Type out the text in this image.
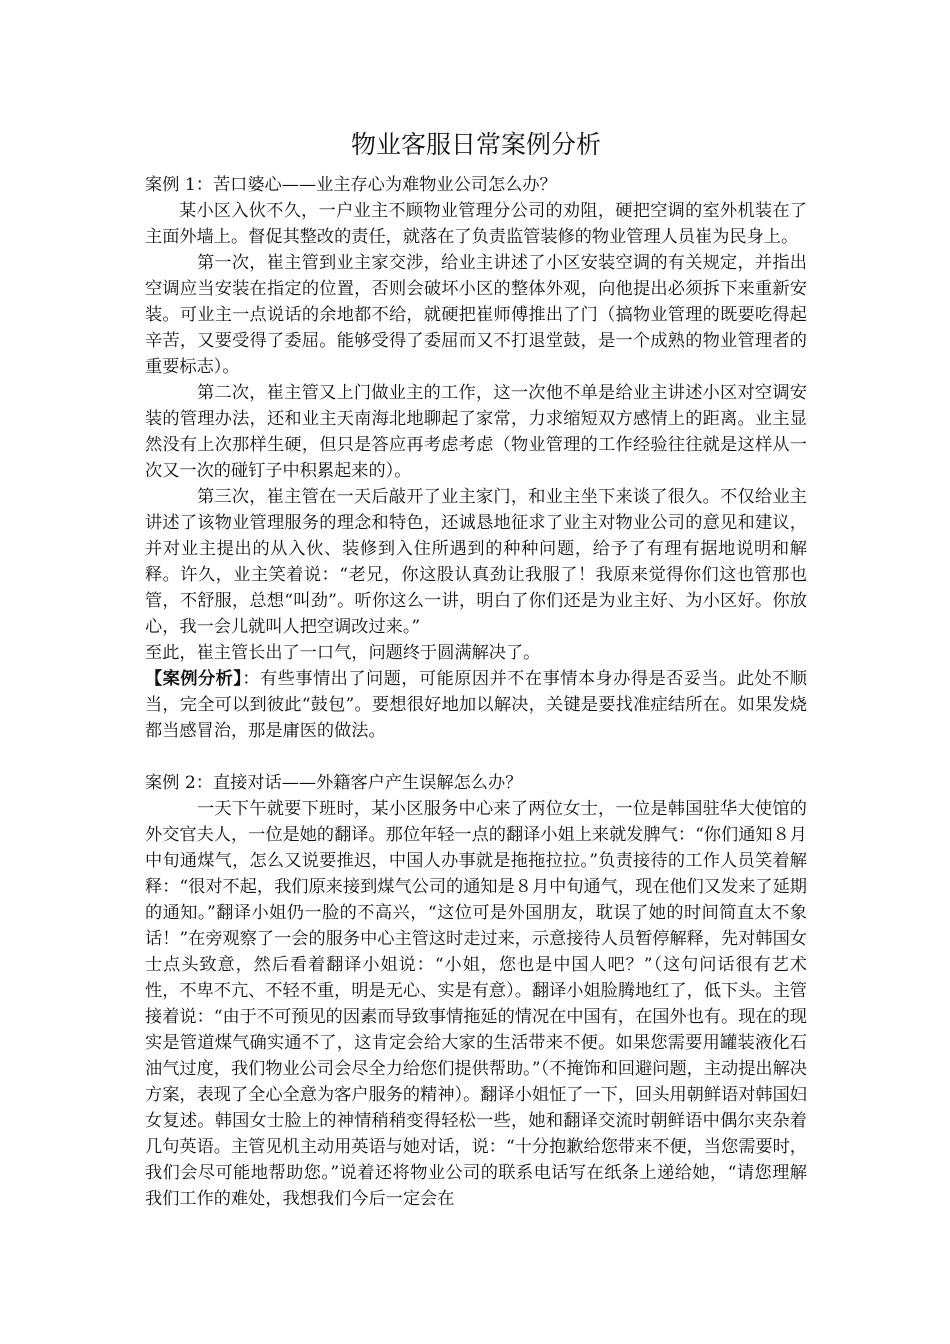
物业客服日常案例分析

案例 1：苦口婆心——业主存心为难物业公司怎么办？

某小区入伙不久，一户业主不顾物业管理分公司的劝阻，硬把空调的室外机装在了主面外墙上。督促其整改的责任，就落在了负责监管装修的物业管理人员崔为民身上。

第一次，崔主管到业主家交涉，给业主讲述了小区安装空调的有关规定，并指出空调应当安装在指定的位置，否则会破坏小区的整体外观，向他提出必须拆下来重新安装。可业主一点说话的余地都不给，就硬把崔师傅推出了门（搞物业管理的既要吃得起辛苦，又要受得了委屈。能够受得了委屈而又不打退堂鼓，是一个成熟的物业管理者的重要标志）。

第二次，崔主管又上门做业主的工作，这一次他不单是给业主讲述小区对空调安装的管理办法，还和业主天南海北地聊起了家常，力求缩短双方感情上的距离。业主显然没有上次那样生硬，但只是答应再考虑考虑（物业管理的工作经验往往就是这样从一次又一次的碰钉子中积累起来的）。

第三次，崔主管在一天后敲开了业主家门，和业主坐下来谈了很久。不仅给业主讲述了该物业管理服务的理念和特色，还诚恳地征求了业主对物业公司的意见和建议，并对业主提出的从入伙、装修到入住所遇到的种种问题，给予了有理有据地说明和解释。许久，业主笑着说：“老兄，你这股认真劲让我服了！我原来觉得你们这也管那也管，不舒服，总想“叫劲”。听你这么一讲，明白了你们还是为业主好、为小区好。你放心，我一会儿就叫人把空调改过来。”

至此，崔主管长出了一口气，问题终于圆满解决了。

【案例分析】：有些事情出了问题，可能原因并不在事情本身办得是否妥当。此处不顺当，完全可以到彼此“鼓包”。要想很好地加以解决，关键是要找准症结所在。如果发烧都当感冒治，那是庸医的做法。

案例 2：直接对话——外籍客户产生误解怎么办？

一天下午就要下班时，某小区服务中心来了两位女士，一位是韩国驻华大使馆的外交官夫人，一位是她的翻译。那位年轻一点的翻译小姐上来就发脾气：“你们通知８月中旬通煤气，怎么又说要推迟，中国人办事就是拖拖拉拉。”负责接待的工作人员笑着解释：“很对不起，我们原来接到煤气公司的通知是８月中旬通气，现在他们又发来了延期的通知。”翻译小姐仍一脸的不高兴，“这位可是外国朋友，耽误了她的时间简直太不象话！”在旁观察了一会的服务中心主管这时走过来，示意接待人员暂停解释，先对韩国女士点头致意，然后看着翻译小姐说：“小姐，您也是中国人吧？”（这句问话很有艺术性，不卑不亢、不轻不重，明是无心、实是有意）。翻译小姐脸腾地红了，低下头。主管接着说：“由于不可预见的因素而导致事情拖延的情况在中国有，在国外也有。现在的现实是管道煤气确实通不了，这肯定会给大家的生活带来不便。如果您需要用罐装液化石油气过度，我们物业公司会尽全力给您们提供帮助。”（不掩饰和回避问题，主动提出解决方案，表现了全心全意为客户服务的精神）。翻译小姐怔了一下，回头用朝鲜语对韩国妇女复述。韩国女士脸上的神情稍稍变得轻松一些，她和翻译交流时朝鲜语中偶尔夹杂着几句英语。主管见机主动用英语与她对话，说：“十分抱歉给您带来不便，当您需要时，我们会尽可能地帮助您。”说着还将物业公司的联系电话写在纸条上递给她，“请您理解我们工作的难处，我想我们今后一定会在
